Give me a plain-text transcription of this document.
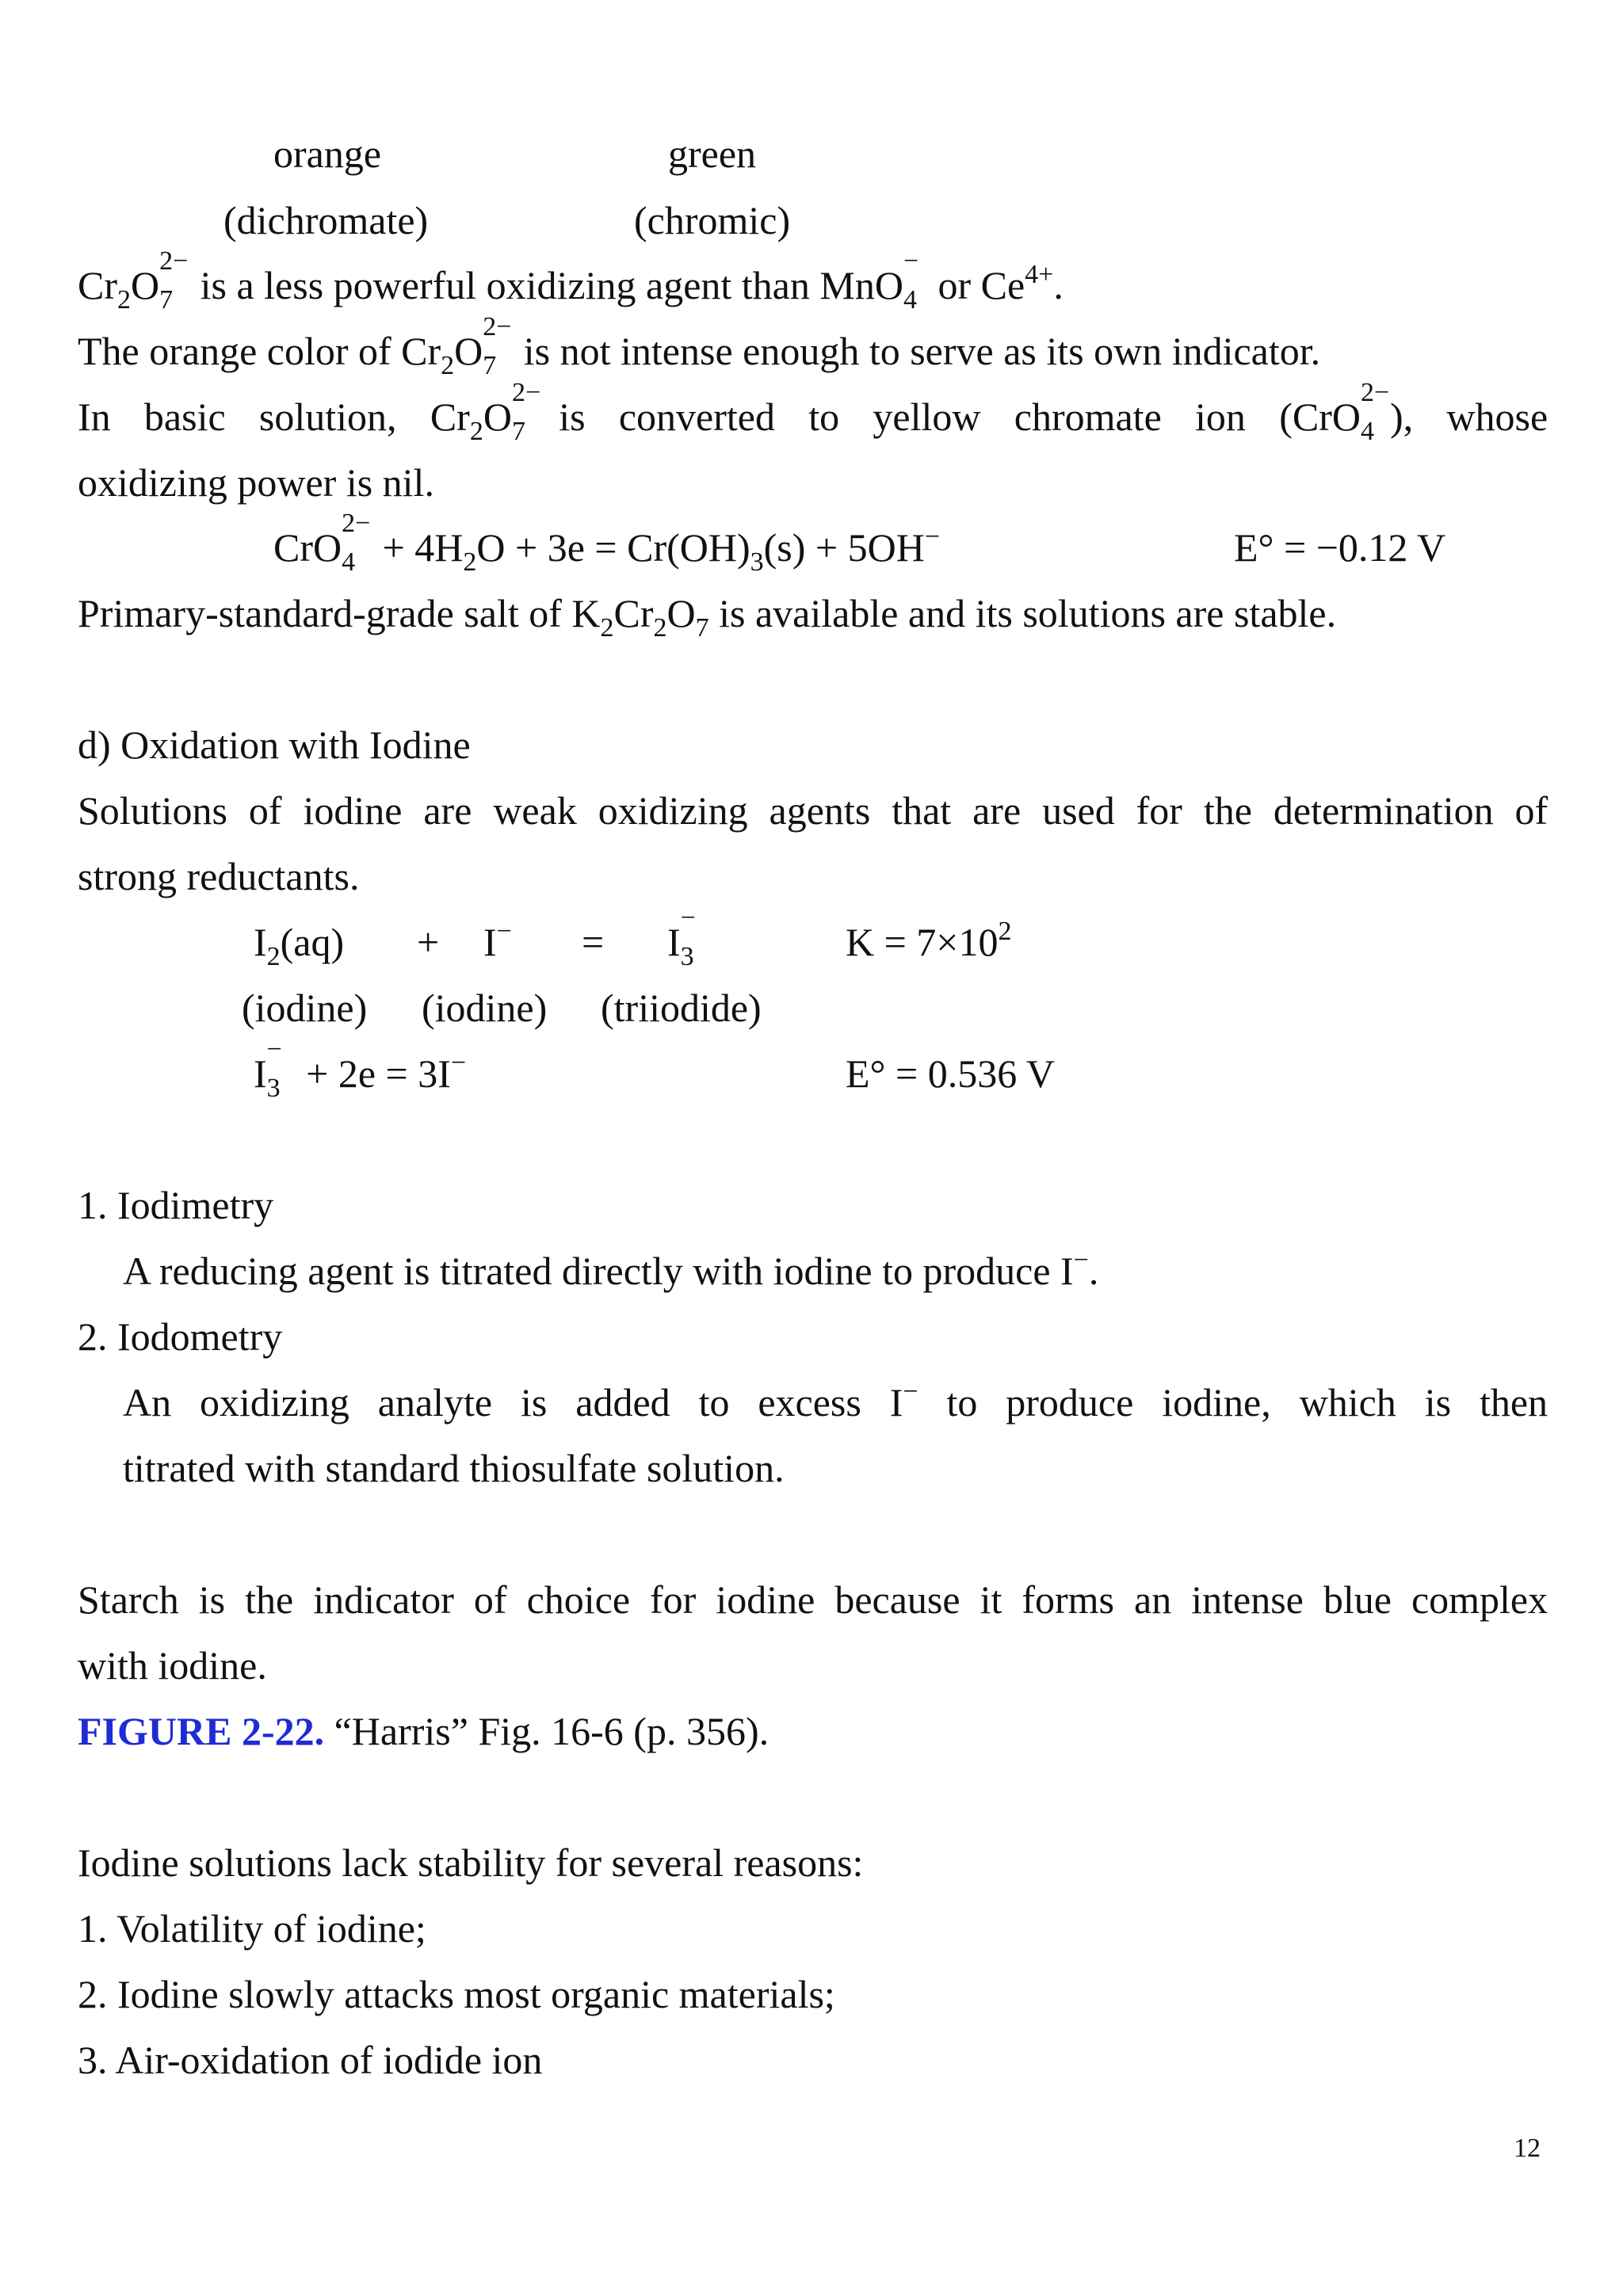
orange	green
(dichromate)	(chromic)
$Cr_2O$
2−
7 is a less powerful oxidizing agent than MnO
−
4 or $Ce^{4+}$.
The orange color of $Cr_2O$
2−
7 is not intense enough to serve as its own indicator.
In basic solution, $Cr_2O$
2−
7 is converted to yellow chromate ion (CrO
2−
4 ), whose
oxidizing power is nil.
CrO
2−
$4 + 4H_2O + 3e = Cr(OH)_3(s) + 5OH^-$	E° = −0.12 V
Primary-standard-grade salt of $K_2Cr_2O_7$ is available and its solutions are stable.
d) Oxidation with Iodine
Solutions of iodine are weak oxidizing agents that are used for the determination of
strong reductants.
$I_2(aq) + I^- = I$
−
3	$K = 7\times 10^2$
(iodine) (iodine) (triiodide)
I
−
3 + 2e = 3I−	E° = 0.536 V
1. Iodimetry
A reducing agent is titrated directly with iodine to produce I−.
2. Iodometry
An oxidizing analyte is added to excess I− to produce iodine, which is then
titrated with standard thiosulfate solution.
Starch is the indicator of choice for iodine because it forms an intense blue complex
with iodine.
FIGURE 2-22. “Harris” Fig. 16-6 (p. 356).
Iodine solutions lack stability for several reasons:
1. Volatility of iodine;
2. Iodine slowly attacks most organic materials;
3. Air-oxidation of iodide ion
12
